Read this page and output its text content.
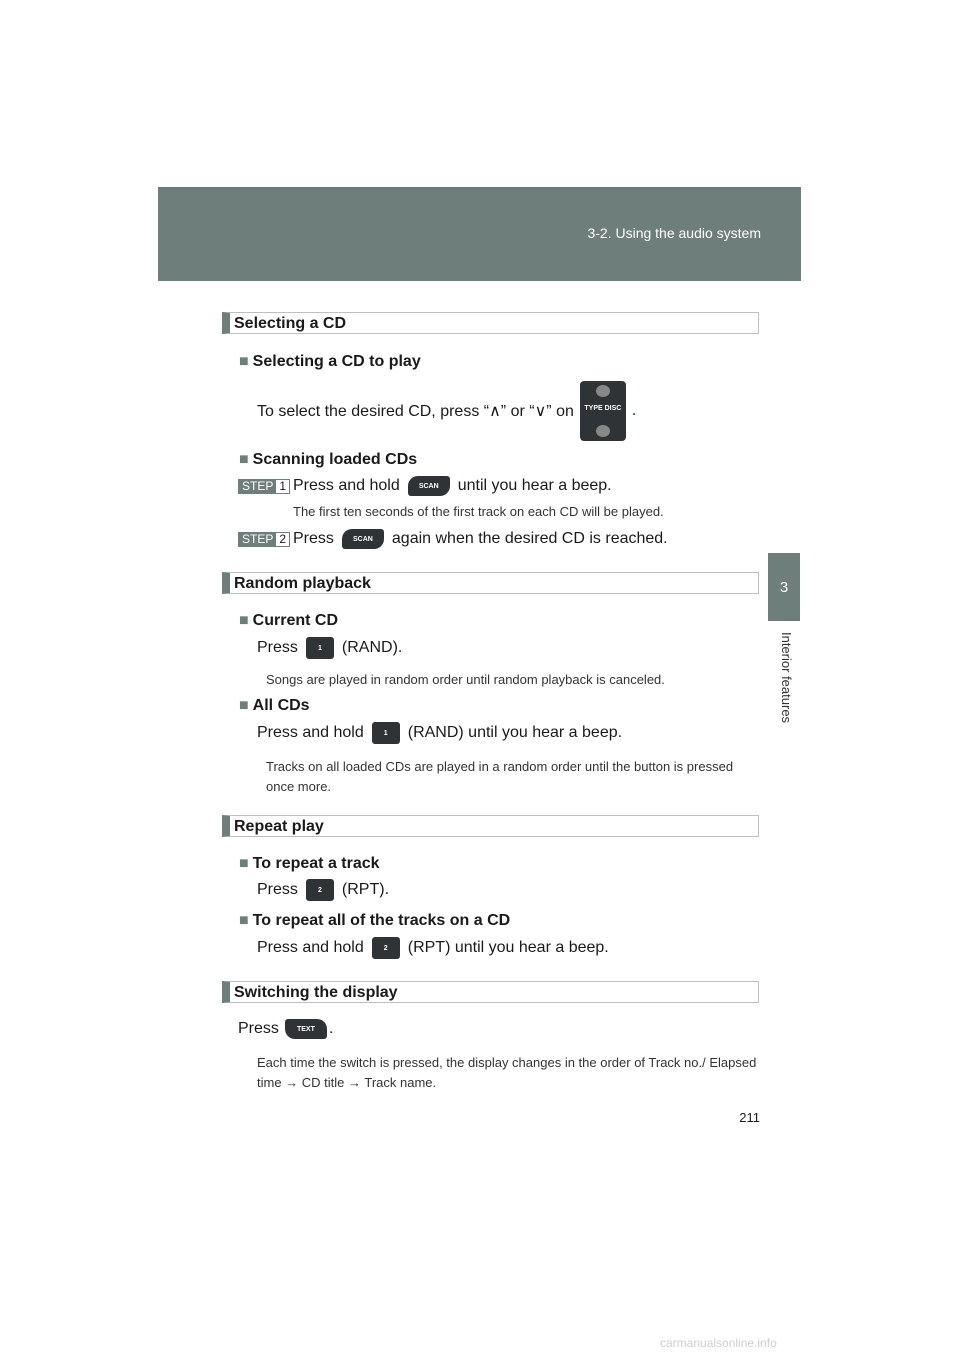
3-2. Using the audio system
3
Interior features
Selecting a CD
■ Selecting a CD to play
To select the desired CD, press “∧” or “∨” on	TYPE DISC .
■ Scanning loaded CDs
STEP 1 Press and hold	SCAN	until you hear a beep.
The first ten seconds of the first track on each CD will be played.
STEP 2 Press	SCAN	again when the desired CD is reached.
Random playback
■ Current CD
Press	1	(RAND).
Songs are played in random order until random playback is canceled.
■ All CDs
Press and hold	1	(RAND) until you hear a beep.
Tracks on all loaded CDs are played in a random order until the button is pressed once more.
Repeat play
■ To repeat a track
Press	2	(RPT).
■ To repeat all of the tracks on a CD
Press and hold	2	(RPT) until you hear a beep.
Switching the display
Press	TEXT .
Each time the switch is pressed, the display changes in the order of Track no./ Elapsed time → CD title → Track name.
211
carmanualsonline.info
